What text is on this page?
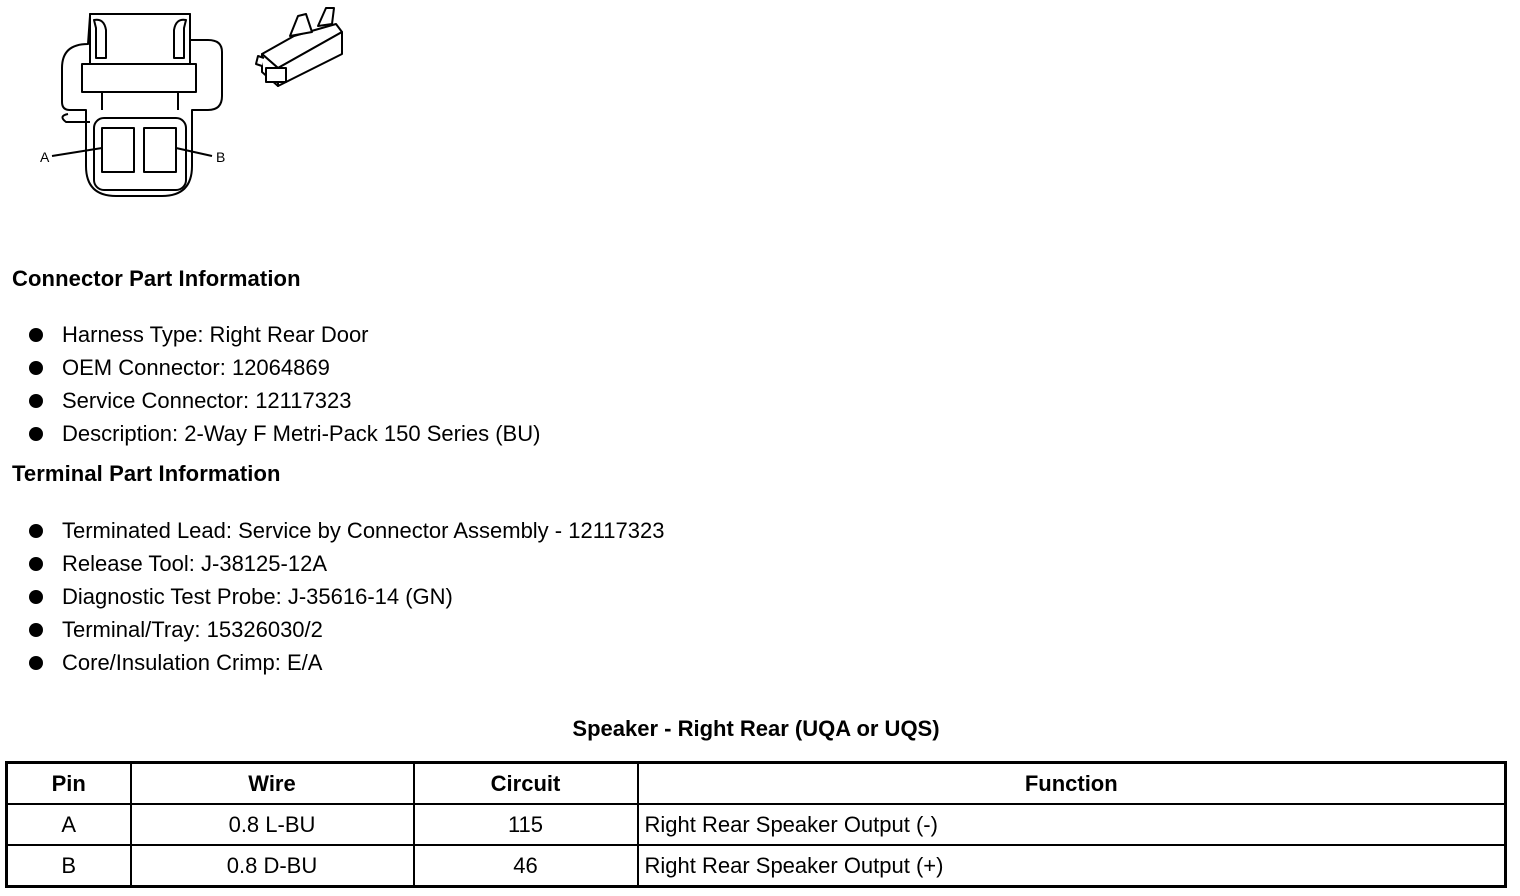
A	B
Connector Part Information
Harness Type: Right Rear Door
OEM Connector: 12064869
Service Connector: 12117323
Description: 2-Way F Metri-Pack 150 Series (BU)
Terminal Part Information
Terminated Lead: Service by Connector Assembly - 12117323
Release Tool: J-38125-12A
Diagnostic Test Probe: J-35616-14 (GN)
Terminal/Tray: 15326030/2
Core/Insulation Crimp: E/A
Speaker - Right Rear (UQA or UQS)
Pin	Wire	Circuit	Function
A	0.8 L-BU	115	Right Rear Speaker Output (-)
B	0.8 D-BU	46	Right Rear Speaker Output (+)
